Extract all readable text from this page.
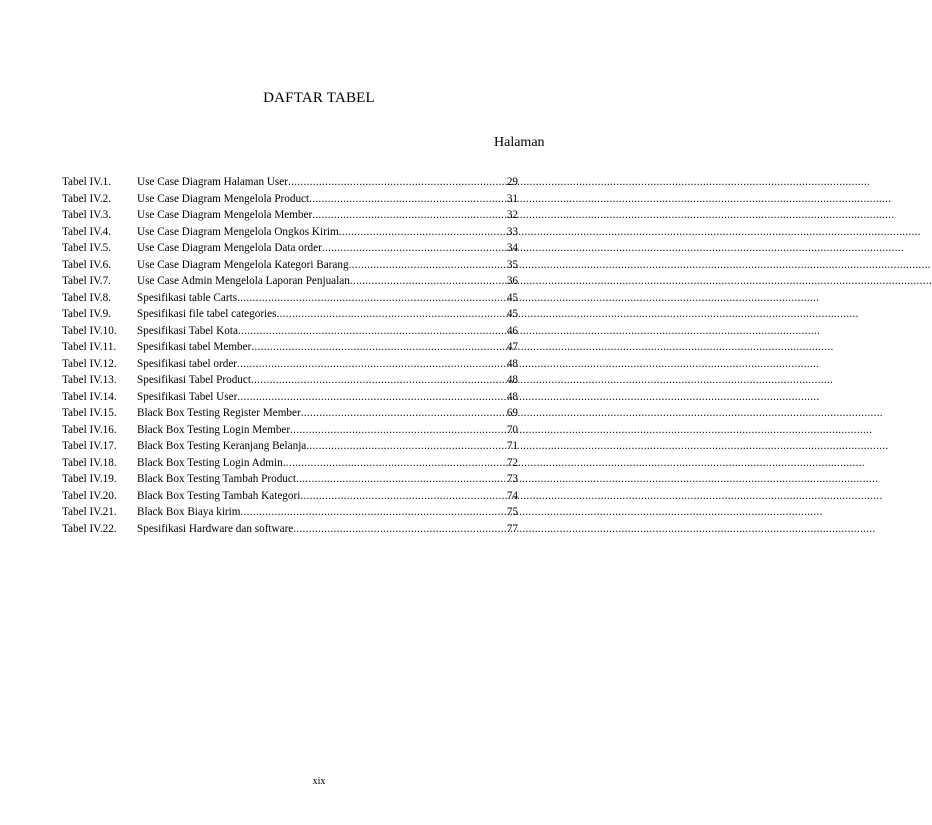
DAFTAR TABEL
Halaman
Tabel IV.1.	Use Case Diagram Halaman User .....	29
Tabel IV.2.	Use Case Diagram Mengelola Product .....	31
Tabel IV.3.	Use Case Diagram Mengelola Member .....	32
Tabel IV.4.	Use Case Diagram Mengelola Ongkos Kirim .....	33
Tabel IV.5.	Use Case Diagram Mengelola Data order .....	34
Tabel IV.6.	Use Case Diagram Mengelola Kategori Barang .....	35
Tabel IV.7.	Use Case Admin Mengelola Laporan Penjualan .....	36
Tabel IV.8.	Spesifikasi table Carts .....	45
Tabel IV.9.	Spesifikasi file tabel categories .....	45
Tabel IV.10.	Spesifikasi Tabel Kota .....	46
Tabel IV.11.	Spesifikasi tabel Member .....	47
Tabel IV.12.	Spesifikasi tabel order .....	48
Tabel IV.13.	Spesifikasi Tabel Product .....	48
Tabel IV.14.	Spesifikasi Tabel User .....	48
Tabel IV.15.	Black Box Testing Register Member .....	69
Tabel IV.16.	Black Box Testing Login Member .....	70
Tabel IV.17.	Black Box Testing Keranjang Belanja .....	71
Tabel IV.18.	Black Box Testing Login Admin .....	72
Tabel IV.19.	Black Box Testing Tambah Product .....	73
Tabel IV.20.	Black Box Testing Tambah Kategori .....	74
Tabel IV.21.	Black Box Biaya kirim .....	75
Tabel IV.22.	Spesifikasi Hardware dan software .....	77
xix
